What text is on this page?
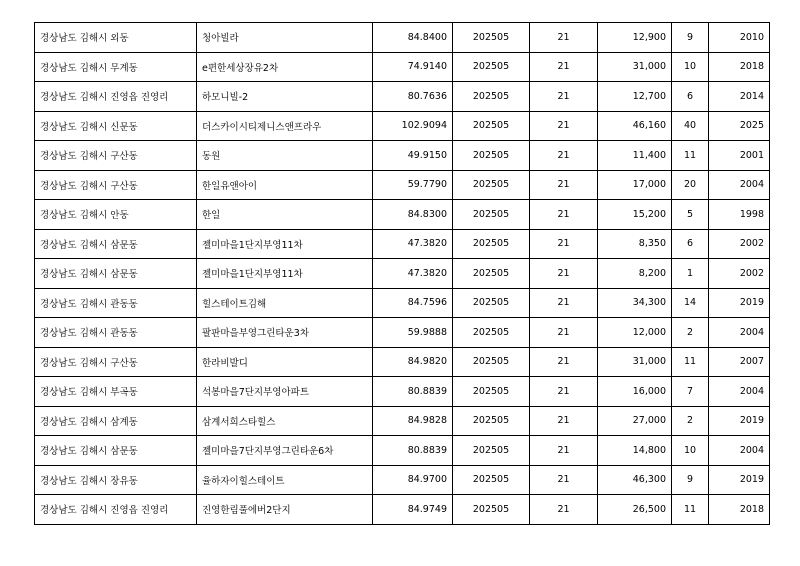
경상남도 김해시 외동	청아빌라	84.8400	202505	21	12,900	9	2010
경상남도 김해시 무계동	e편한세상장유2차	74.9140	202505	21	31,000	10	2018
경상남도 김해시 진영읍 진영리	하모니빌-2	80.7636	202505	21	12,700	6	2014
경상남도 김해시 신문동	더스카이시티제니스앤프라우	102.9094	202505	21	46,160	40	2025
경상남도 김해시 구산동	동원	49.9150	202505	21	11,400	11	2001
경상남도 김해시 구산동	한일유앤아이	59.7790	202505	21	17,000	20	2004
경상남도 김해시 안동	한일	84.8300	202505	21	15,200	5	1998
경상남도 김해시 삼문동	젤미마을1단지부영11차	47.3820	202505	21	8,350	6	2002
경상남도 김해시 삼문동	젤미마을1단지부영11차	47.3820	202505	21	8,200	1	2002
경상남도 김해시 관동동	힐스테이트김해	84.7596	202505	21	34,300	14	2019
경상남도 김해시 관동동	팔판마을부영그린타운3차	59.9888	202505	21	12,000	2	2004
경상남도 김해시 구산동	한라비발디	84.9820	202505	21	31,000	11	2007
경상남도 김해시 부곡동	석봉마을7단지부영아파트	80.8839	202505	21	16,000	7	2004
경상남도 김해시 삼계동	삼계서희스타힐스	84.9828	202505	21	27,000	2	2019
경상남도 김해시 삼문동	젤미마을7단지부영그린타운6차	80.8839	202505	21	14,800	10	2004
경상남도 김해시 장유동	율하자이힐스테이트	84.9700	202505	21	46,300	9	2019
경상남도 김해시 진영읍 진영리	진영한림풀에버2단지	84.9749	202505	21	26,500	11	2018
